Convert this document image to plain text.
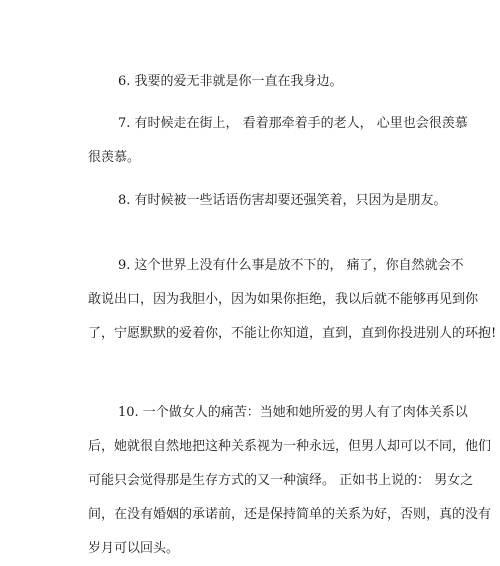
6. 我要的爱无非就是你一直在我身边。
7. 有时候走在街上， 看着那牵着手的老人， 心里也会很羡慕
很羡慕。
8. 有时候被一些话语伤害却要还强笑着，只因为是朋友。
9. 这个世界上没有什么事是放不下的， 痛了，你自然就会不
敢说出口，因为我胆小，因为如果你拒绝，我以后就不能够再见到你
了，宁愿默默的爱着你，不能让你知道，直到，直到你投进别人的环抱!
10. 一个做女人的痛苦：当她和她所爱的男人有了肉体关系以
后，她就很自然地把这种关系视为一种永远，但男人却可以不同，他们
可能只会觉得那是生存方式的又一种演绎。 正如书上说的： 男女之
间，在没有婚姻的承诺前，还是保持简单的关系为好，否则，真的没有
岁月可以回头。
